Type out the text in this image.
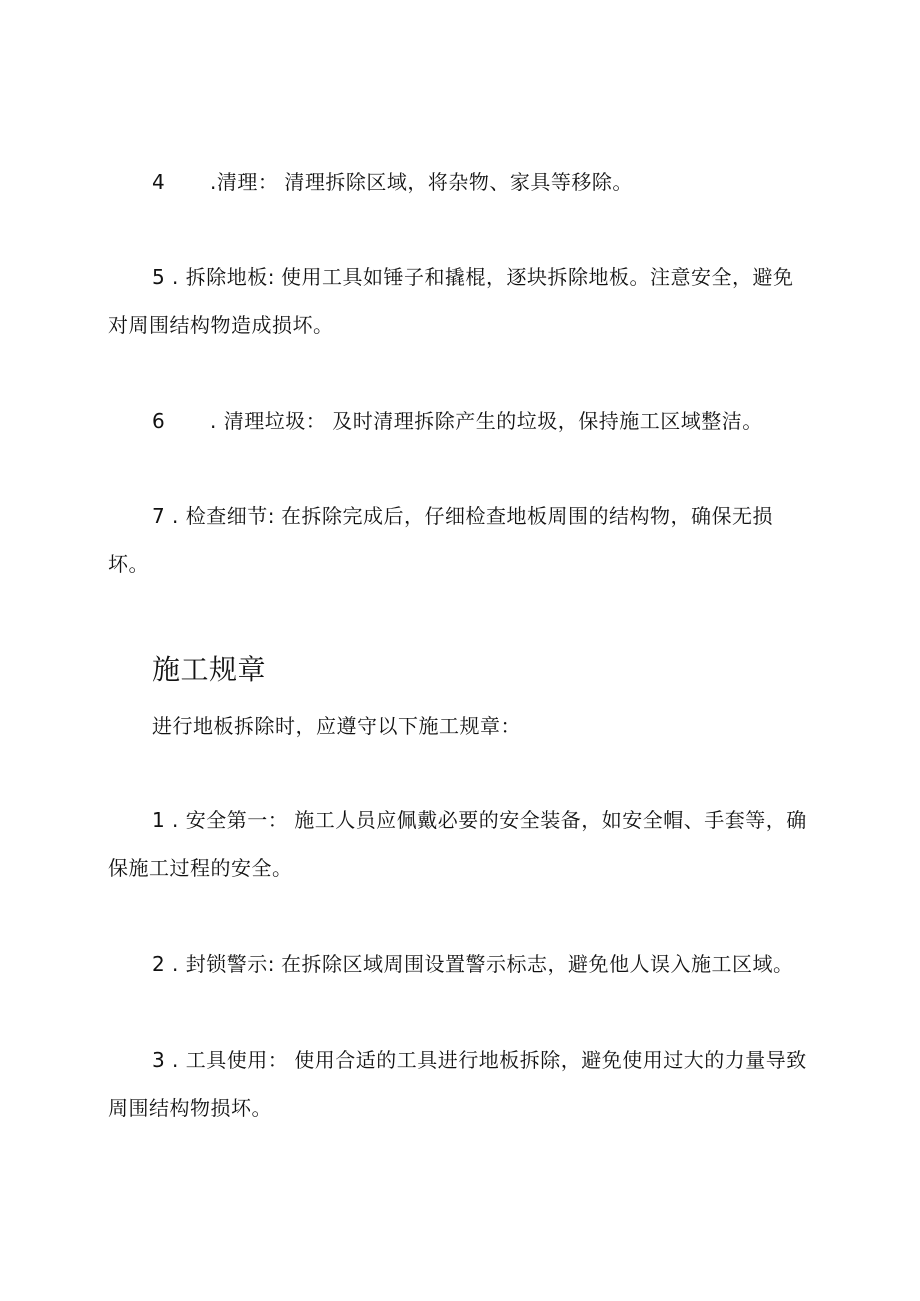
4 .清理： 清理拆除区域，将杂物、家具等移除。

5 . 拆除地板: 使用工具如锤子和撬棍，逐块拆除地板。注意安全，避免对周围结构物造成损坏。

6 . 清理垃圾： 及时清理拆除产生的垃圾，保持施工区域整洁。

7 . 检查细节: 在拆除完成后，仔细检查地板周围的结构物，确保无损坏。

施工规章

进行地板拆除时，应遵守以下施工规章：

1 . 安全第一： 施工人员应佩戴必要的安全装备，如安全帽、手套等，确保施工过程的安全。

2 . 封锁警示: 在拆除区域周围设置警示标志，避免他人误入施工区域。

3 . 工具使用： 使用合适的工具进行地板拆除，避免使用过大的力量导致周围结构物损坏。
